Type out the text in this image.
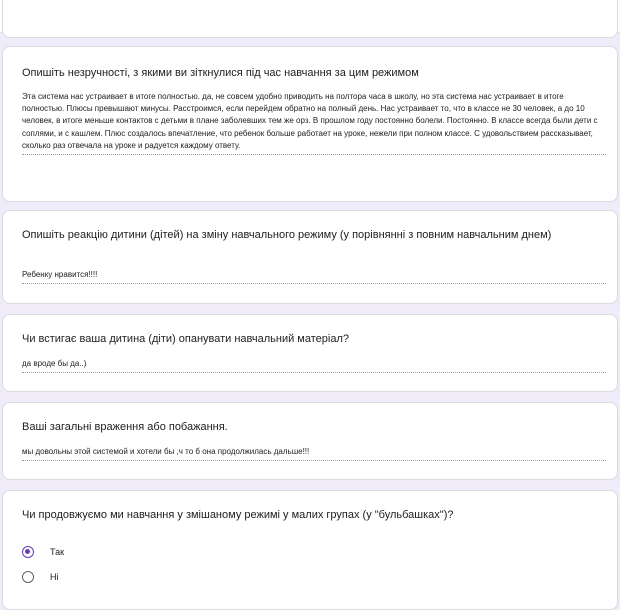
Опишіть незручності, з якими ви зіткнулися під час навчання за цим режимом
Эта система нас устраивает в итоге полностью. да, не совсем удобно приводить на полтора часа в школу, но эта система нас устраивает в итоге полностью. Плюсы превышают минусы. Расстроимся, если перейдем обратно на полный день. Нас устраивает то, что в классе не 30 человек, а до 10 человек, в итоге меньше контактов с детьми в плане заболевших тем же орз. В прошлом году постоянно болели. Постоянно. В классе всегда были дети с соплями, и с кашлем. Плюс создалось впечатление, что ребенок больше работает на уроке, нежели при полном классе. С удовольствием рассказывает, сколько раз отвечала на уроке и радуется каждому ответу.
Опишіть реакцію дитини (дітей) на зміну навчального режиму (у порівнянні з повним навчальним днем)
Ребенку нравится!!!!
Чи встигає ваша дитина (діти) опанувати навчальний матеріал?
да вроде бы да..)
Ваші загальні враження або побажання.
мы довольны этой системой и хотели бы ,ч то б она продолжилась дальше!!!
Чи продовжуємо ми навчання у змішаному режимі у малих групах (у "бульбашках")?
Так
Ні
